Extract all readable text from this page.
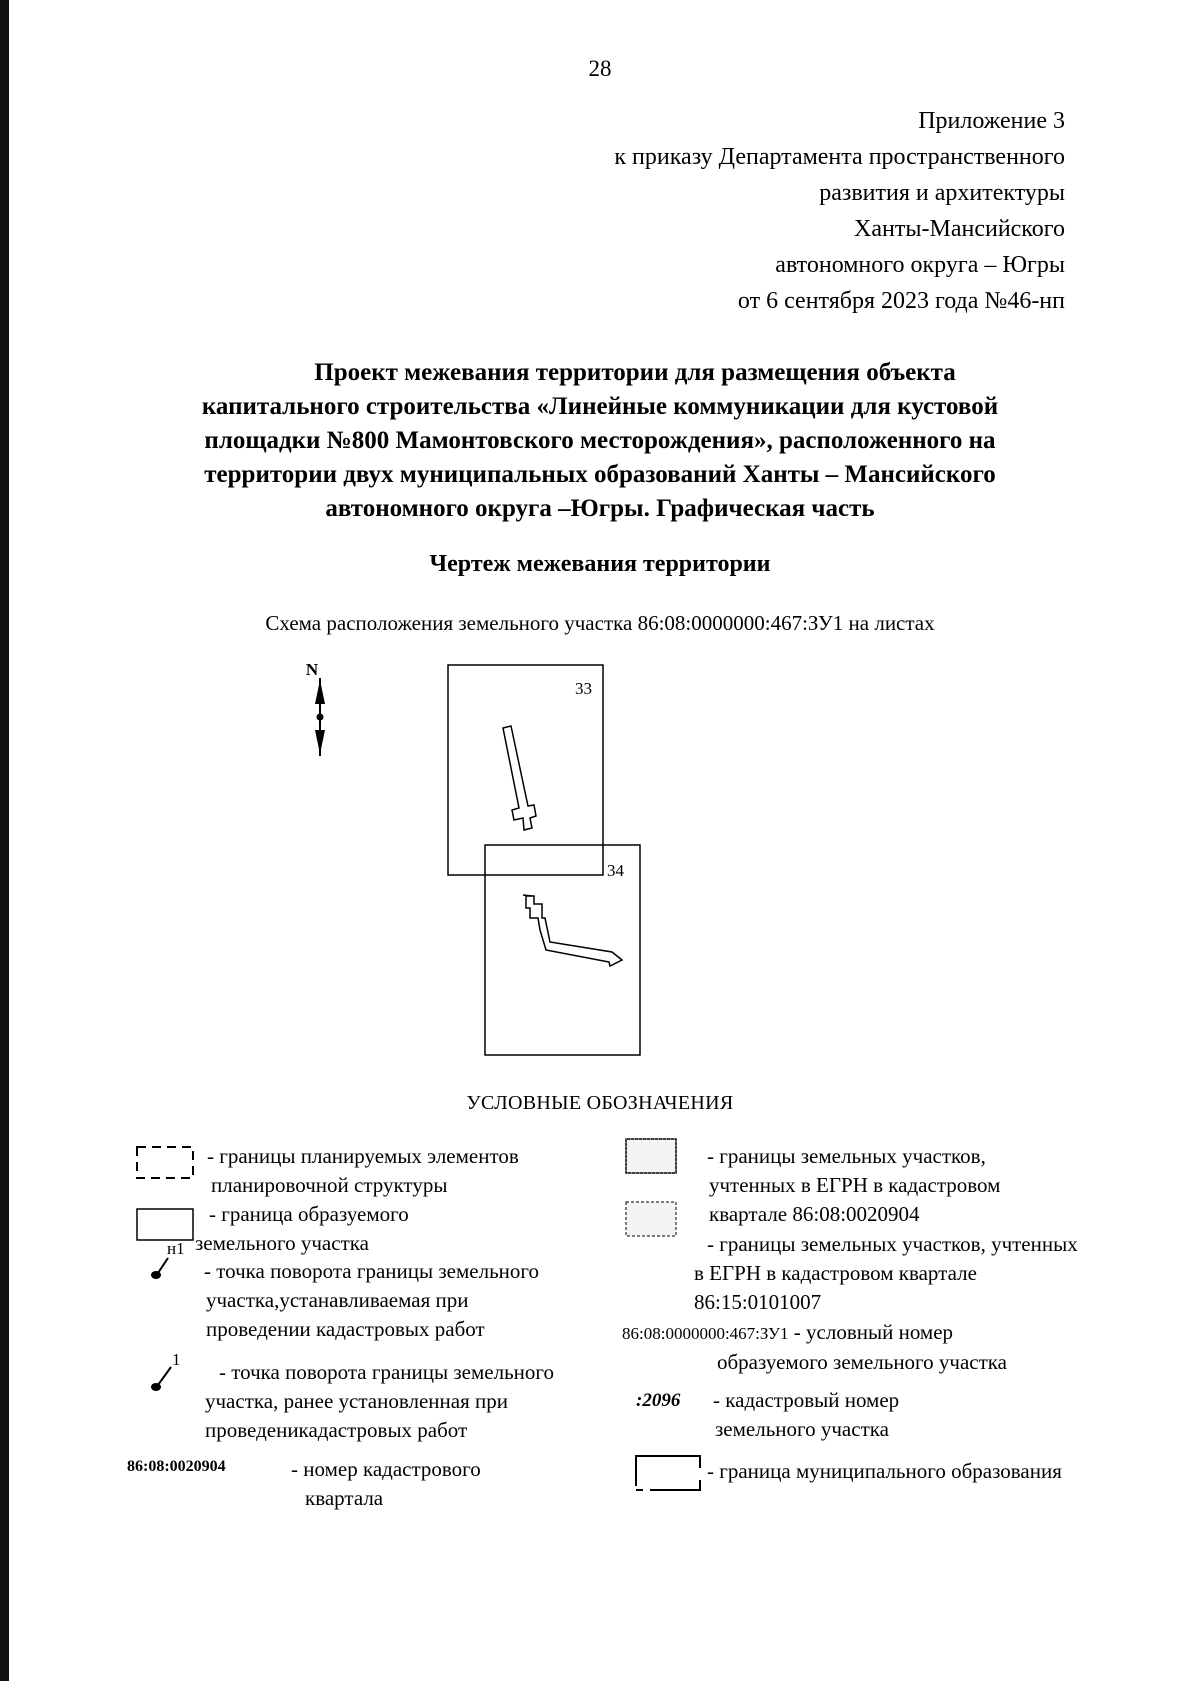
28
Приложение 3
к приказу Департамента пространственного
развития и архитектуры
Ханты-Мансийского
автономного округа – Югры
от 6 сентября 2023 года №46-нп
Проект межевания территории для размещения объекта
капитального строительства «Линейные коммуникации для кустовой
площадки №800 Мамонтовского месторождения», расположенного на
территории двух муниципальных образований Ханты – Мансийского
автономного округа –Югры. Графическая часть
Чертеж межевания территории
Схема расположения земельного участка 86:08:0000000:467:ЗУ1 на листах
N
33
34
УСЛОВНЫЕ ОБОЗНАЧЕНИЯ
н1
1
- границы планируемых элементов
планировочной структуры
- граница образуемого
земельного участка
- точка поворота границы земельного
участка,устанавливаемая при
проведении кадастровых работ
- точка поворота границы земельного
участка, ранее установленная при
проведеникадастровых работ
86:08:0020904	- номер кадастрового
квартала
- границы земельных участков,
учтенных в ЕГРН в кадастровом
квартале 86:08:0020904
- границы земельных участков, учтенных
в ЕГРН в кадастровом квартале
86:15:0101007
86:08:0000000:467:ЗУ1 - условный номер
образуемого земельного участка
:2096	- кадастровый номер
земельного участка
- граница муниципального образования
